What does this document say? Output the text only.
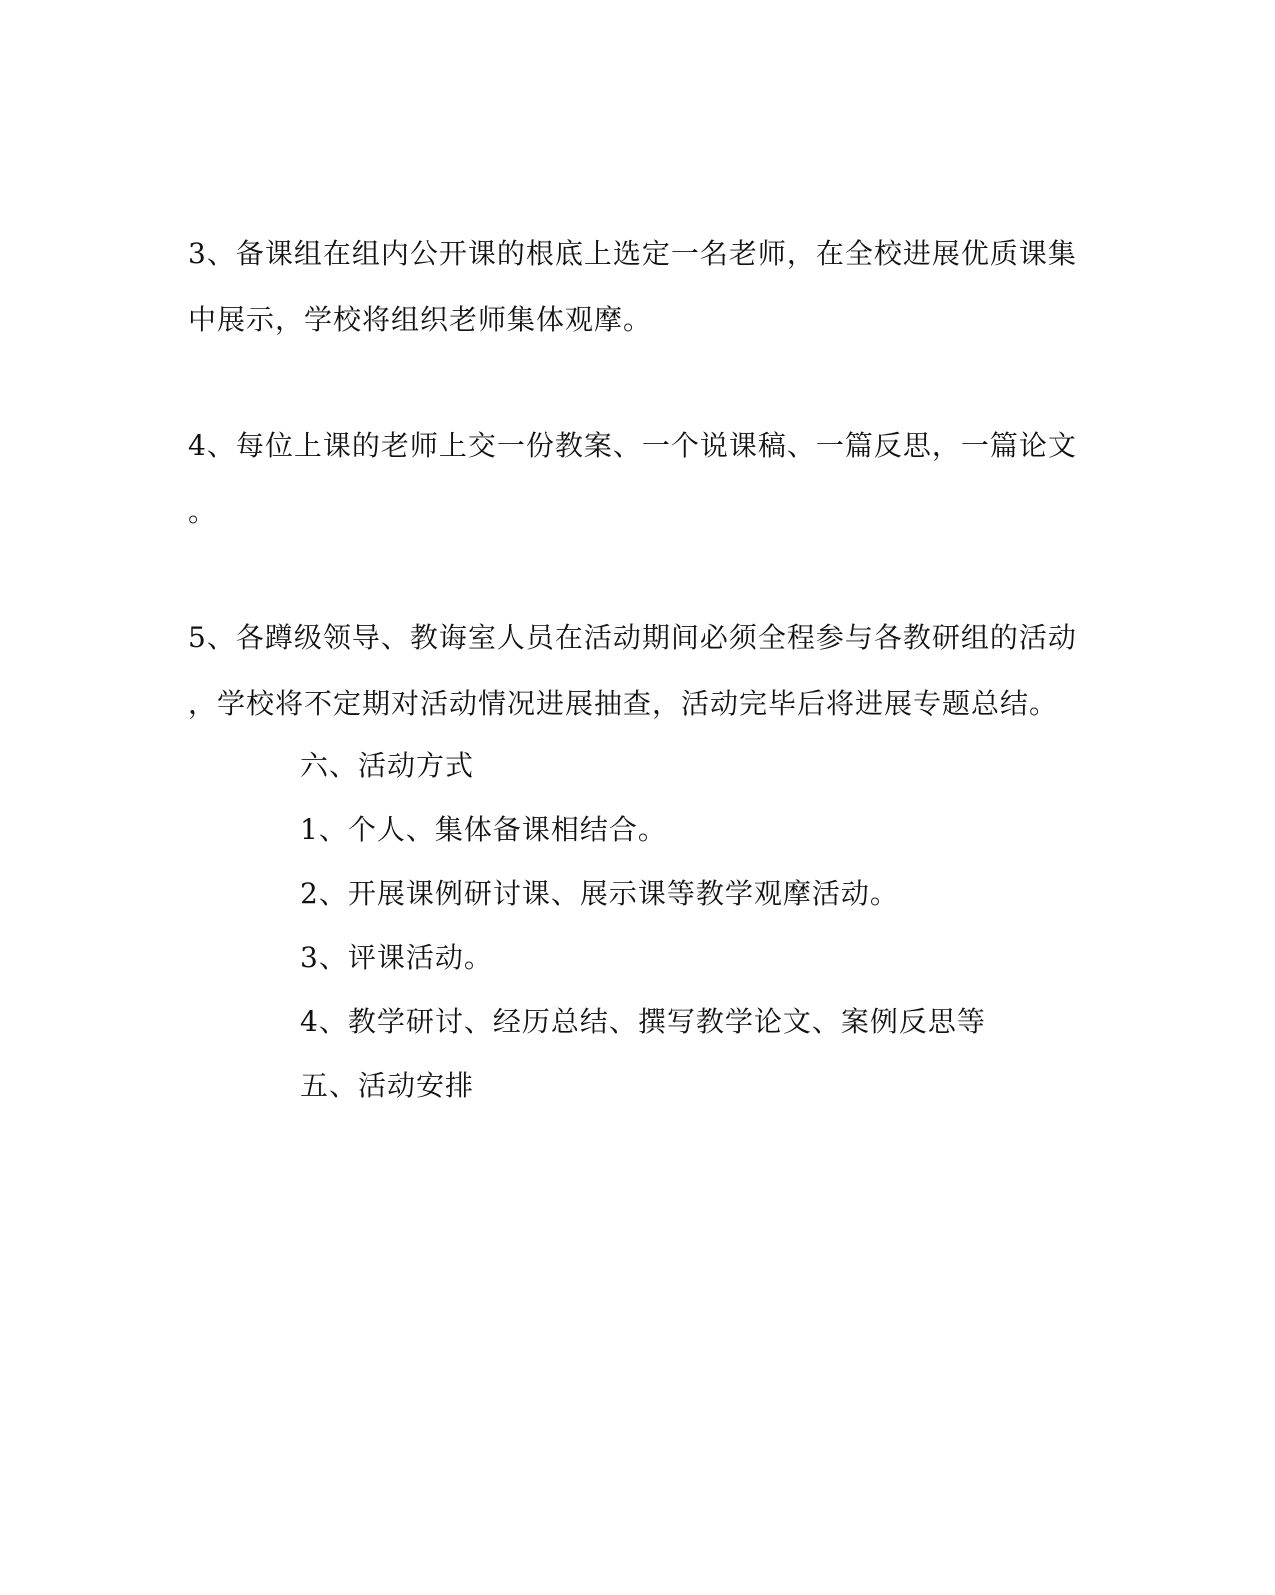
3、备课组在组内公开课的根底上选定一名老师，在全校进展优质课集
中展示，学校将组织老师集体观摩。
4、每位上课的老师上交一份教案、一个说课稿、一篇反思，一篇论文
。
5、各蹲级领导、教诲室人员在活动期间必须全程参与各教研组的活动
，学校将不定期对活动情况进展抽查，活动完毕后将进展专题总结。
六、活动方式
1、个人、集体备课相结合。
2、开展课例研讨课、展示课等教学观摩活动。
3、评课活动。
4、教学研讨、经历总结、撰写教学论文、案例反思等
五、活动安排
